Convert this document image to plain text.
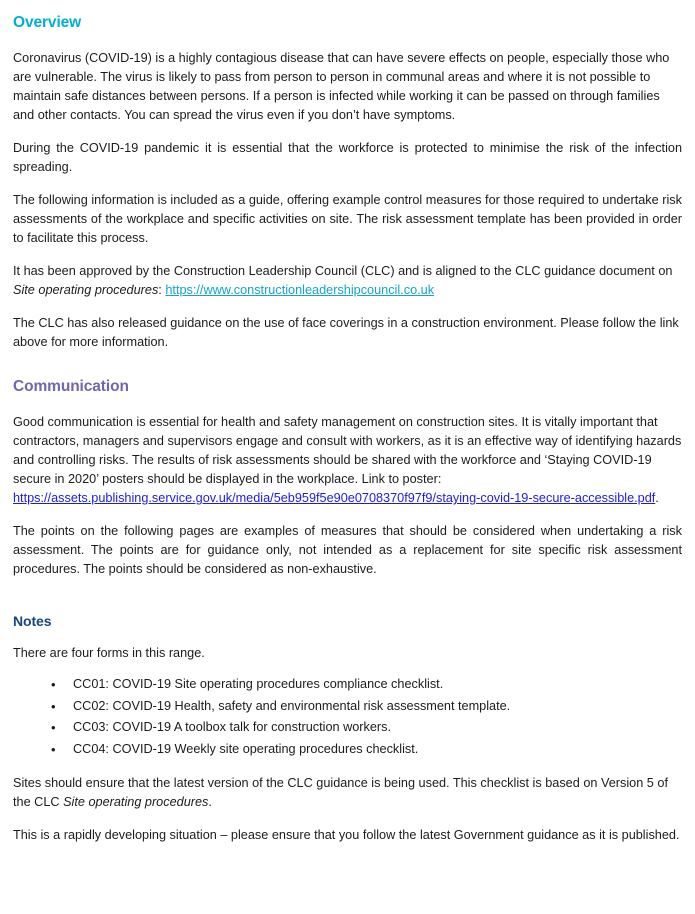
Overview

Coronavirus (COVID-19) is a highly contagious disease that can have severe effects on people, especially those who are vulnerable. The virus is likely to pass from person to person in communal areas and where it is not possible to maintain safe distances between persons. If a person is infected while working it can be passed on through families and other contacts. You can spread the virus even if you don’t have symptoms.

During the COVID-19 pandemic it is essential that the workforce is protected to minimise the risk of the infection spreading.

The following information is included as a guide, offering example control measures for those required to undertake risk assessments of the workplace and specific activities on site. The risk assessment template has been provided in order to facilitate this process.

It has been approved by the Construction Leadership Council (CLC) and is aligned to the CLC guidance document on Site operating procedures: https://www.constructionleadershipcouncil.co.uk

The CLC has also released guidance on the use of face coverings in a construction environment. Please follow the link above for more information.

Communication

Good communication is essential for health and safety management on construction sites. It is vitally important that contractors, managers and supervisors engage and consult with workers, as it is an effective way of identifying hazards and controlling risks. The results of risk assessments should be shared with the workforce and ‘Staying COVID-19 secure in 2020’ posters should be displayed in the workplace. Link to poster:

https://assets.publishing.service.gov.uk/media/5eb959f5e90e0708370f97f9/staying-covid-19-secure-accessible.pdf.

The points on the following pages are examples of measures that should be considered when undertaking a risk assessment. The points are for guidance only, not intended as a replacement for site specific risk assessment procedures. The points should be considered as non-exhaustive.

Notes

There are four forms in this range.

• CC01: COVID-19 Site operating procedures compliance checklist.
• CC02: COVID-19 Health, safety and environmental risk assessment template.
• CC03: COVID-19 A toolbox talk for construction workers.
• CC04: COVID-19 Weekly site operating procedures checklist.

Sites should ensure that the latest version of the CLC guidance is being used. This checklist is based on Version 5 of the CLC Site operating procedures.

This is a rapidly developing situation – please ensure that you follow the latest Government guidance as it is published.
